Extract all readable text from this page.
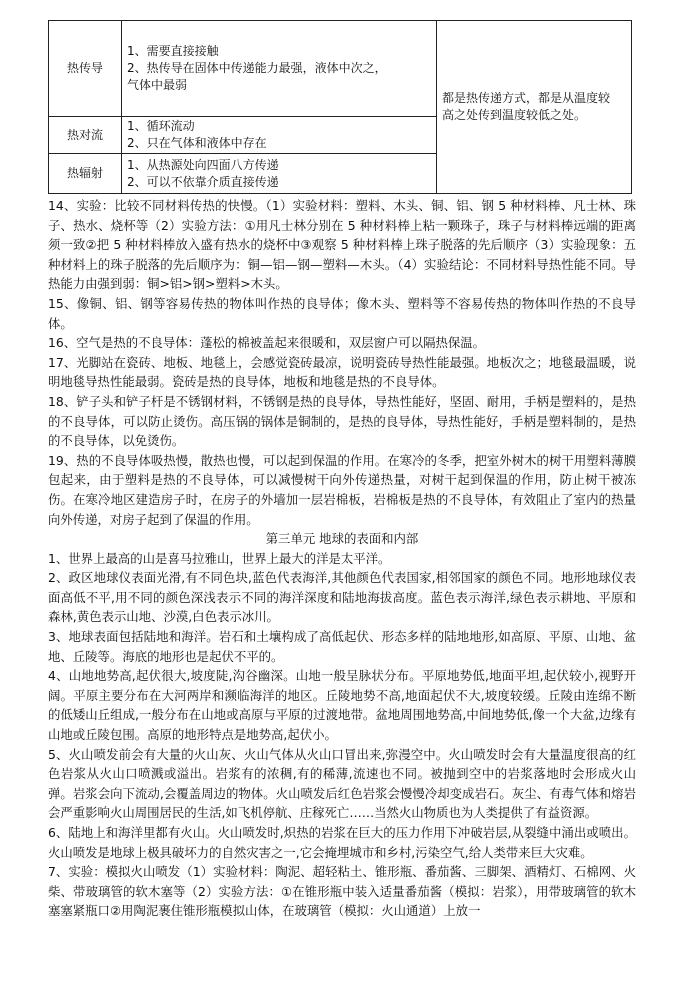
热传导	1、需要直接接触
2、热传导在固体中传递能力最强，液体中次之，
气体中最弱	都是热传递方式，都是从温度较
高之处传到温度较低之处。

热对流	1、循环流动
2、只在气体和液体中存在	

热辐射	1、从热源处向四面八方传递
2、可以不依靠介质直接传递	

14、实验：比较不同材料传热的快慢。（1）实验材料：塑料、木头、铜、铝、钢 5 种材料棒、凡士林、珠子、热水、烧杯等（2）实验方法：①用凡士林分别在 5 种材料棒上粘一颗珠子，珠子与材料棒远端的距离须一致②把 5 种材料棒放入盛有热水的烧杯中③观察 5 种材料棒上珠子脱落的先后顺序（3）实验现象：五种材料上的珠子脱落的先后顺序为：铜—铝—钢—塑料—木头。（4）实验结论：不同材料导热性能不同。导热能力由强到弱：铜>铝>钢>塑料>木头。

15、像铜、铝、钢等容易传热的物体叫作热的良导体；像木头、塑料等不容易传热的物体叫作热的不良导体。

16、空气是热的不良导体：蓬松的棉被盖起来很暖和，双层窗户可以隔热保温。

17、光脚站在瓷砖、地板、地毯上，会感觉瓷砖最凉，说明瓷砖导热性能最强。地板次之；地毯最温暖，说明地毯导热性能最弱。瓷砖是热的良导体，地板和地毯是热的不良导体。

18、铲子头和铲子杆是不锈钢材料，不锈钢是热的良导体，导热性能好，坚固、耐用，手柄是塑料的，是热的不良导体，可以防止烫伤。高压锅的锅体是铜制的，是热的良导体，导热性能好，手柄是塑料制的，是热的不良导体，以免烫伤。

19、热的不良导体吸热慢，散热也慢，可以起到保温的作用。在寒冷的冬季，把室外树木的树干用塑料薄膜包起来，由于塑料是热的不良导体，可以减慢树干向外传递热量，对树干起到保温的作用，防止树干被冻伤。在寒冷地区建造房子时，在房子的外墙加一层岩棉板，岩棉板是热的不良导体，有效阻止了室内的热量向外传递，对房子起到了保温的作用。

第三单元 地球的表面和内部

1、世界上最高的山是喜马拉雅山，世界上最大的洋是太平洋。

2、政区地球仪表面光滑,有不同色块,蓝色代表海洋,其他颜色代表国家,相邻国家的颜色不同。地形地球仪表面高低不平,用不同的颜色深浅表示不同的海洋深度和陆地海拔高度。蓝色表示海洋,绿色表示耕地、平原和森林,黄色表示山地、沙漠,白色表示冰川。

3、地球表面包括陆地和海洋。岩石和土壤构成了高低起伏、形态多样的陆地地形,如高原、平原、山地、盆地、丘陵等。海底的地形也是起伏不平的。

4、山地地势高,起伏很大,坡度陡,沟谷幽深。山地一般呈脉状分布。平原地势低,地面平坦,起伏较小,视野开阔。平原主要分布在大河两岸和濒临海洋的地区。丘陵地势不高,地面起伏不大,坡度较缓。丘陵由连绵不断的低矮山丘组成,一般分布在山地或高原与平原的过渡地带。盆地周围地势高,中间地势低,像一个大盆,边缘有山地或丘陵包围。高原的地形特点是地势高,起伏小。

5、火山喷发前会有大量的火山灰、火山气体从火山口冒出来,弥漫空中。火山喷发时会有大量温度很高的红色岩浆从火山口喷溅或溢出。岩浆有的浓稠,有的稀薄,流速也不同。被抛到空中的岩浆落地时会形成火山弹。岩浆会向下流动,会覆盖周边的物体。火山喷发后红色岩浆会慢慢冷却变成岩石。灰尘、有毒气体和熔岩会严重影响火山周围居民的生活,如飞机停航、庄稼死亡……当然火山物质也为人类提供了有益资源。

6、陆地上和海洋里都有火山。火山喷发时,炽热的岩浆在巨大的压力作用下冲破岩层,从裂缝中涌出或喷出。火山喷发是地球上极具破坏力的自然灾害之一,它会掩埋城市和乡村,污染空气,给人类带来巨大灾难。

7、实验：模拟火山喷发（1）实验材料：陶泥、超轻粘土、锥形瓶、番茄酱、三脚架、酒精灯、石棉网、火柴、带玻璃管的软木塞等（2）实验方法：①在锥形瓶中装入适量番茄酱（模拟：岩浆），用带玻璃管的软木塞塞紧瓶口②用陶泥裹住锥形瓶模拟山体，在玻璃管（模拟：火山通道）上放一
